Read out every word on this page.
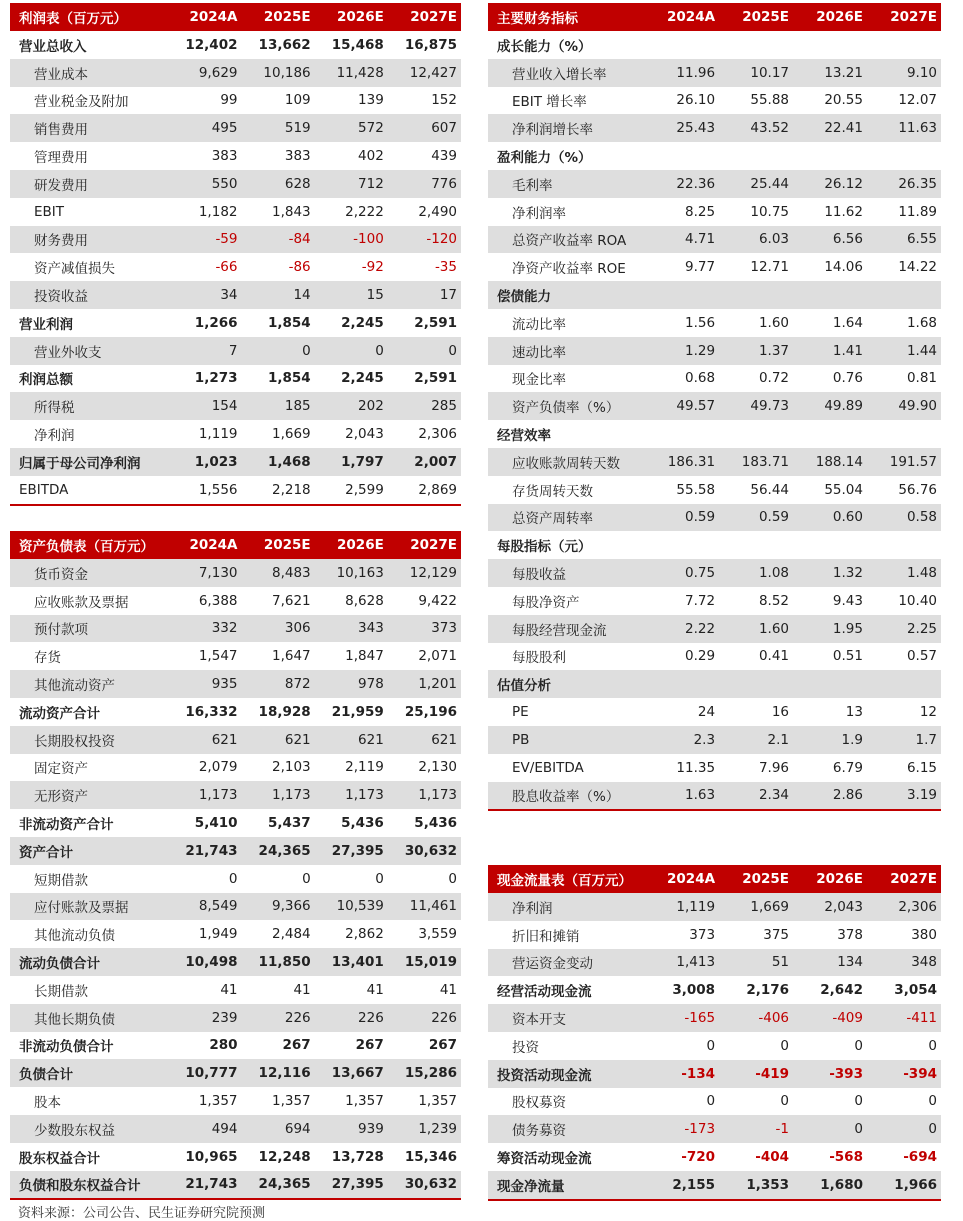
利润表（百万元）	2024A	2025E	2026E	2027E
营业总收入	12,402	13,662	15,468	16,875
营业成本	9,629	10,186	11,428	12,427
营业税金及附加	99	109	139	152
销售费用	495	519	572	607
管理费用	383	383	402	439
研发费用	550	628	712	776
EBIT	1,182	1,843	2,222	2,490
财务费用	-59	-84	-100	-120
资产减值损失	-66	-86	-92	-35
投资收益	34	14	15	17
营业利润	1,266	1,854	2,245	2,591
营业外收支	7	0	0	0
利润总额	1,273	1,854	2,245	2,591
所得税	154	185	202	285
净利润	1,119	1,669	2,043	2,306
归属于母公司净利润	1,023	1,468	1,797	2,007
EBITDA	1,556	2,218	2,599	2,869
资产负债表（百万元）	2024A	2025E	2026E	2027E
货币资金	7,130	8,483	10,163	12,129
应收账款及票据	6,388	7,621	8,628	9,422
预付款项	332	306	343	373
存货	1,547	1,647	1,847	2,071
其他流动资产	935	872	978	1,201
流动资产合计	16,332	18,928	21,959	25,196
长期股权投资	621	621	621	621
固定资产	2,079	2,103	2,119	2,130
无形资产	1,173	1,173	1,173	1,173
非流动资产合计	5,410	5,437	5,436	5,436
资产合计	21,743	24,365	27,395	30,632
短期借款	0	0	0	0
应付账款及票据	8,549	9,366	10,539	11,461
其他流动负债	1,949	2,484	2,862	3,559
流动负债合计	10,498	11,850	13,401	15,019
长期借款	41	41	41	41
其他长期负债	239	226	226	226
非流动负债合计	280	267	267	267
负债合计	10,777	12,116	13,667	15,286
股本	1,357	1,357	1,357	1,357
少数股东权益	494	694	939	1,239
股东权益合计	10,965	12,248	13,728	15,346
负债和股东权益合计	21,743	24,365	27,395	30,632
主要财务指标	2024A	2025E	2026E	2027E
成长能力（%）				
营业收入增长率	11.96	10.17	13.21	9.10
EBIT 增长率	26.10	55.88	20.55	12.07
净利润增长率	25.43	43.52	22.41	11.63
盈利能力（%）				
毛利率	22.36	25.44	26.12	26.35
净利润率	8.25	10.75	11.62	11.89
总资产收益率 ROA	4.71	6.03	6.56	6.55
净资产收益率 ROE	9.77	12.71	14.06	14.22
偿债能力				
流动比率	1.56	1.60	1.64	1.68
速动比率	1.29	1.37	1.41	1.44
现金比率	0.68	0.72	0.76	0.81
资产负债率（%）	49.57	49.73	49.89	49.90
经营效率				
应收账款周转天数	186.31	183.71	188.14	191.57
存货周转天数	55.58	56.44	55.04	56.76
总资产周转率	0.59	0.59	0.60	0.58
每股指标（元）				
每股收益	0.75	1.08	1.32	1.48
每股净资产	7.72	8.52	9.43	10.40
每股经营现金流	2.22	1.60	1.95	2.25
每股股利	0.29	0.41	0.51	0.57
估值分析				
PE	24	16	13	12
PB	2.3	2.1	1.9	1.7
EV/EBITDA	11.35	7.96	6.79	6.15
股息收益率（%）	1.63	2.34	2.86	3.19
现金流量表（百万元）	2024A	2025E	2026E	2027E
净利润	1,119	1,669	2,043	2,306
折旧和摊销	373	375	378	380
营运资金变动	1,413	51	134	348
经营活动现金流	3,008	2,176	2,642	3,054
资本开支	-165	-406	-409	-411
投资	0	0	0	0
投资活动现金流	-134	-419	-393	-394
股权募资	0	0	0	0
债务募资	-173	-1	0	0
筹资活动现金流	-720	-404	-568	-694
现金净流量	2,155	1,353	1,680	1,966
资料来源：公司公告、民生证券研究院预测
